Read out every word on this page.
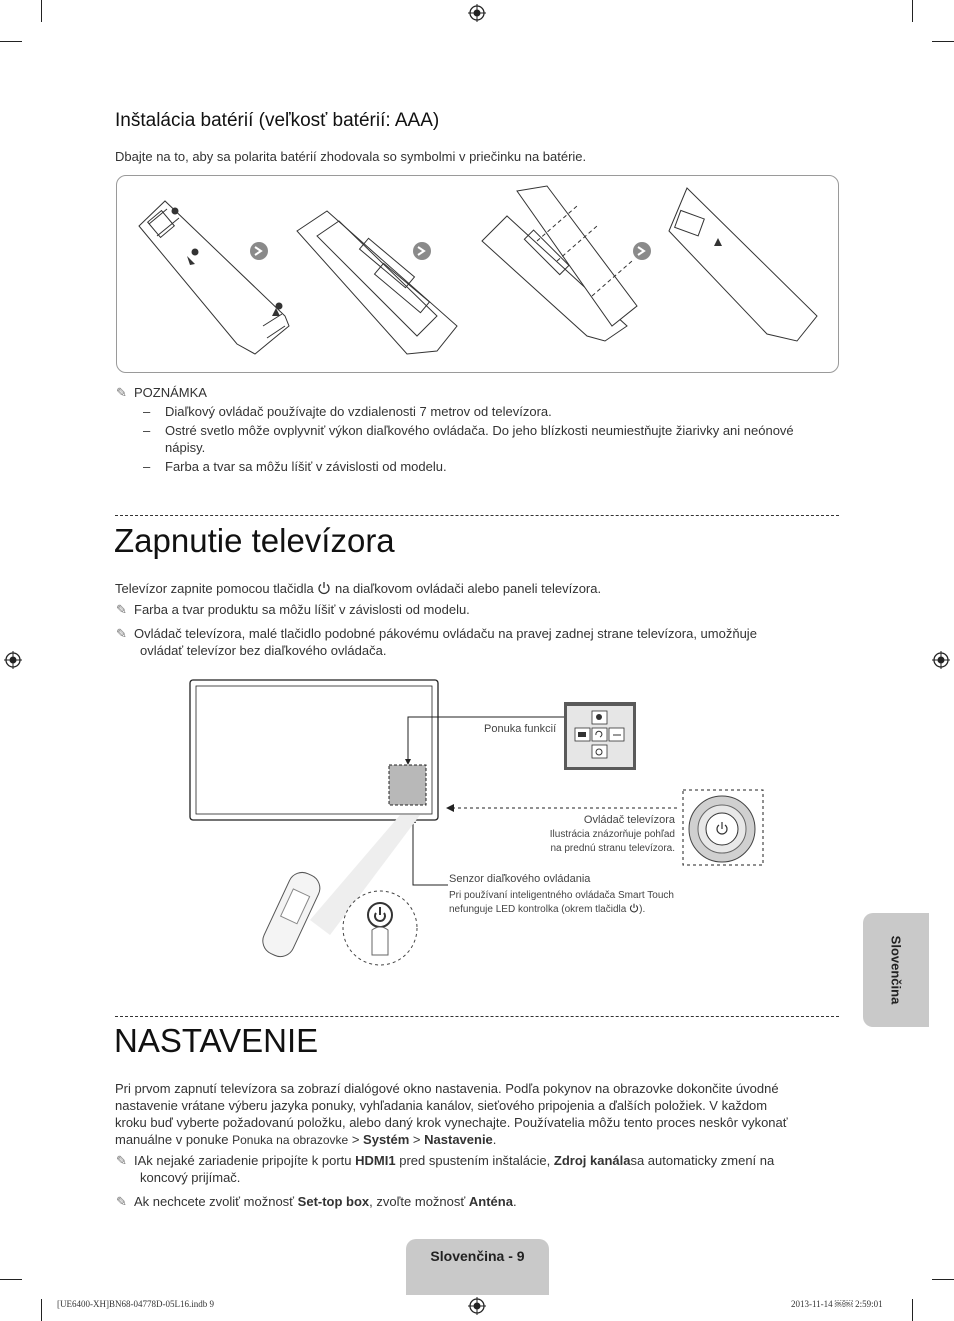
Inštalácia batérií (veľkosť batérií: AAA)
Dbajte na to, aby sa polarita batérií zhodovala so symbolmi v priečinku na batérie.
✎ POZNÁMKA
– Diaľkový ovládač používajte do vzdialenosti 7 metrov od televízora.
– Ostré svetlo môže ovplyvniť výkon diaľkového ovládača. Do jeho blízkosti neumiestňujte žiarivky ani neónové
nápisy.
– Farba a tvar sa môžu líšiť v závislosti od modelu.
Zapnutie televízora
Televízor zapnite pomocou tlačidla na diaľkovom ovládači alebo paneli televízora.
✎ Farba a tvar produktu sa môžu líšiť v závislosti od modelu.
✎ Ovládač televízora, malé tlačidlo podobné pákovému ovládaču na pravej zadnej strane televízora, umožňuje
ovládať televízor bez diaľkového ovládača.
Ponuka funkcií
Ovládač televízora
Ilustrácia znázorňuje pohľad
na prednú stranu televízora.
Senzor diaľkového ovládania
Pri používaní inteligentného ovládača Smart Touch
nefunguje LED kontrolka (okrem tlačidla ).
NASTAVENIE
Pri prvom zapnutí televízora sa zobrazí dialógové okno nastavenia. Podľa pokynov na obrazovke dokončite úvodné
nastavenie vrátane výberu jazyka ponuky, vyhľadania kanálov, sieťového pripojenia a ďalších položiek. V každom
kroku buď vyberte požadovanú položku, alebo daný krok vynechajte. Používatelia môžu tento proces neskôr vykonať
manuálne v ponuke Ponuka na obrazovke > Systém > Nastavenie.
✎ IAk nejaké zariadenie pripojíte k portu HDMI1 pred spustením inštalácie, Zdroj kanálasa automaticky zmení na
koncový prijímač.
✎ Ak nechcete zvoliť možnosť Set-top box, zvoľte možnosť Anténa.
Slovenčina
Slovenčina - 9
[UE6400-XH]BN68-04778D-05L16.indb 9	2013-11-14 ￼￼ 2:59:01
